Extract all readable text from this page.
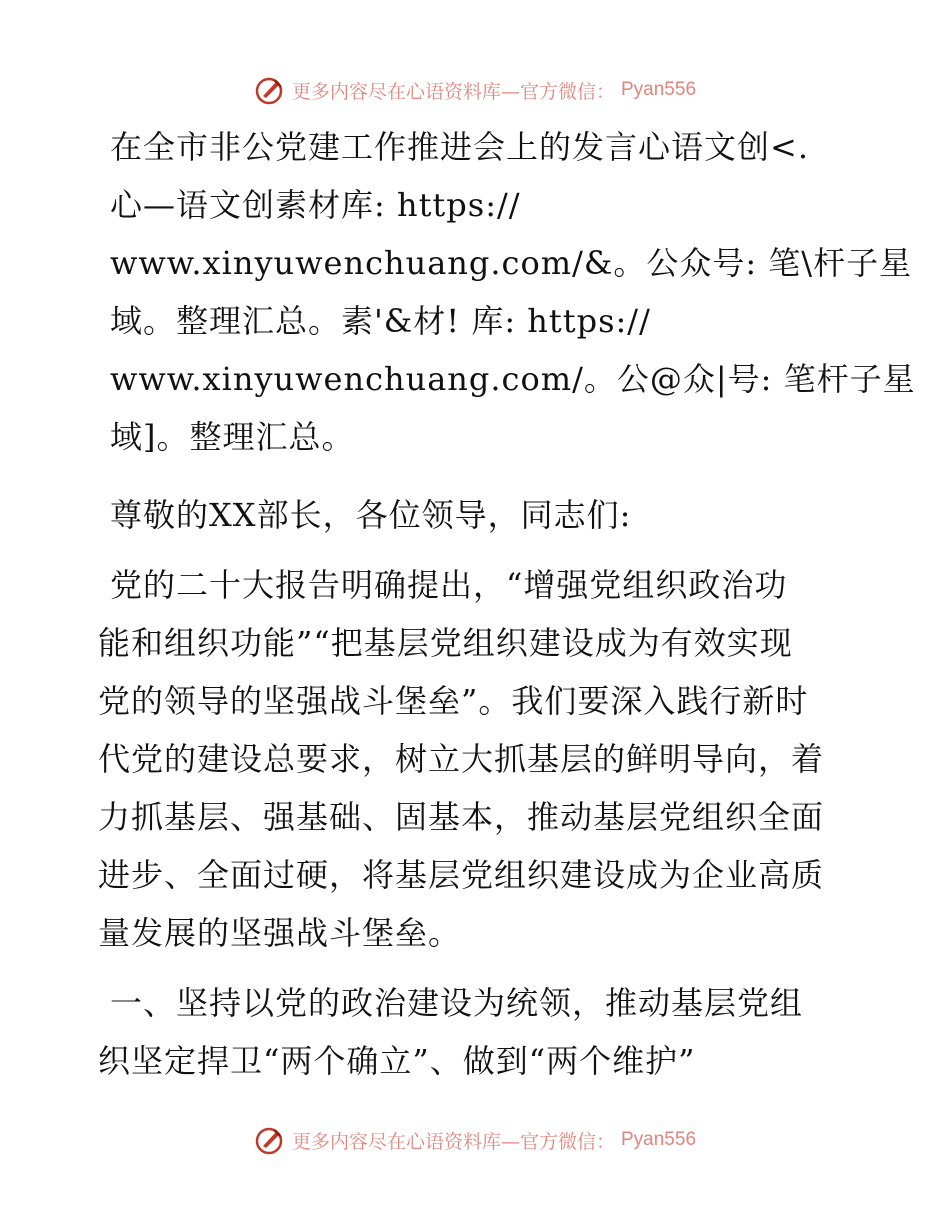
更多内容尽在心语资料库—官方微信： Pyan556

在全市非公党建工作推进会上的发言心语文创<.
心—语文创素材库: https://
www.xinyuwenchuang.com/&。公众号: 笔\杆子星
域。整理汇总。素'&材! 库: https://
www.xinyuwenchuang.com/。公@众|号: 笔杆子星
域]。整理汇总。

尊敬的XX部长，各位领导，同志们:

党的二十大报告明确提出，“增强党组织政治功
能和组织功能”“把基层党组织建设成为有效实现
党的领导的坚强战斗堡垒”。我们要深入践行新时
代党的建设总要求，树立大抓基层的鲜明导向，着
力抓基层、强基础、固基本，推动基层党组织全面
进步、全面过硬，将基层党组织建设成为企业高质
量发展的坚强战斗堡垒。

一、坚持以党的政治建设为统领，推动基层党组
织坚定捍卫“两个确立”、做到“两个维护”

更多内容尽在心语资料库—官方微信： Pyan556
